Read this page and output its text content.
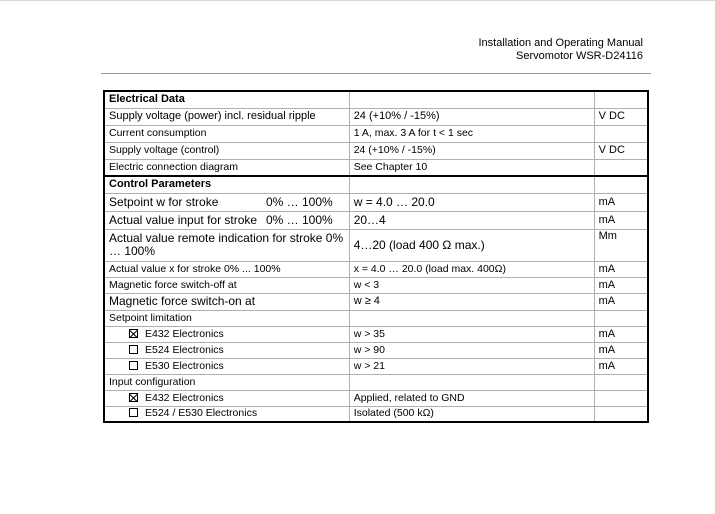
Installation and Operating Manual
Servomotor WSR-D24116
Electrical Data		
Supply voltage (power) incl. residual ripple	24 (+10% / -15%)	V DC
Current consumption	1 A, max. 3 A for t < 1 sec	
Supply voltage (control)	24 (+10% / -15%)	V DC
Electric connection diagram	See Chapter 10	
Control Parameters		

Setpoint w for stroke 0% … 100%	w = 4.0 … 20.0	mA

Actual value input for stroke 0% … 100%	20…4	mA
Actual value remote indication for stroke 0% … 100%	4…20 (load 400 Ω max.)	Mm
Actual value x for stroke 0% ... 100%	x = 4.0 … 20.0 (load max. 400Ω)	mA
Magnetic force switch-off at	w < 3	mA
Magnetic force switch-on at	w ≥ 4	mA
Setpoint limitation		
E432 Electronics	w > 35	mA
E524 Electronics	w > 90	mA
E530 Electronics	w > 21	mA
Input configuration		
E432 Electronics	Applied, related to GND	
E524 / E530 Electronics	Isolated (500 kΩ)	
